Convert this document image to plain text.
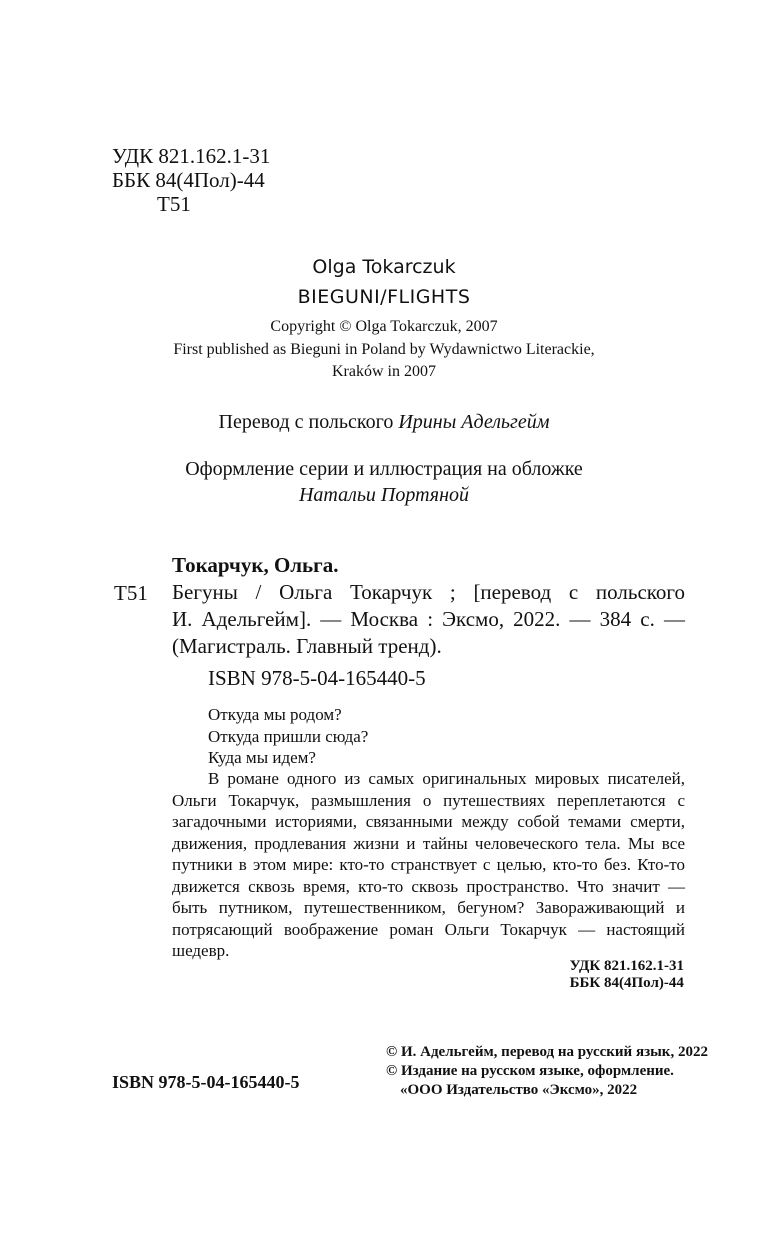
УДК 821.162.1-31
ББК 84(4Пол)-44
Т51
Olga Tokarczuk
BIEGUNI/FLIGHTS
Copyright © Olga Tokarczuk, 2007
First published as Bieguni in Poland by Wydawnictwo Literackie,
Kraków in 2007
Перевод с польского Ирины Адельгейм
Оформление серии и иллюстрация на обложке
Натальи Портяной
Токарчук, Ольга.
Т51 Бегуны / Ольга Токарчук ; [перевод с польского
И. Адельгейм]. — Москва : Эксмо, 2022. — 384 с. —
(Магистраль. Главный тренд).
ISBN 978-5-04-165440-5
Откуда мы родом?
Откуда пришли сюда?
Куда мы идем?

В романе одного из самых оригинальных мировых писателей, Ольги Токарчук, размышления о путешествиях переплетаются с загадочными историями, связанными между собой темами смерти, движения, продлевания жизни и тайны человеческого тела. Мы все путники в этом мире: кто-то странствует с целью, кто-то без. Кто-то движется сквозь время, кто-то сквозь пространство. Что значит — быть путником, путешественником, бегуном? Завораживающий и потрясающий воображение роман Ольги Токарчук — настоящий шедевр.

УДК 821.162.1-31
ББК 84(4Пол)-44
ISBN 978-5-04-165440-5
© И. Адельгейм, перевод на русский язык, 2022
© Издание на русском языке, оформление.
«ООО Издательство «Эксмо», 2022
